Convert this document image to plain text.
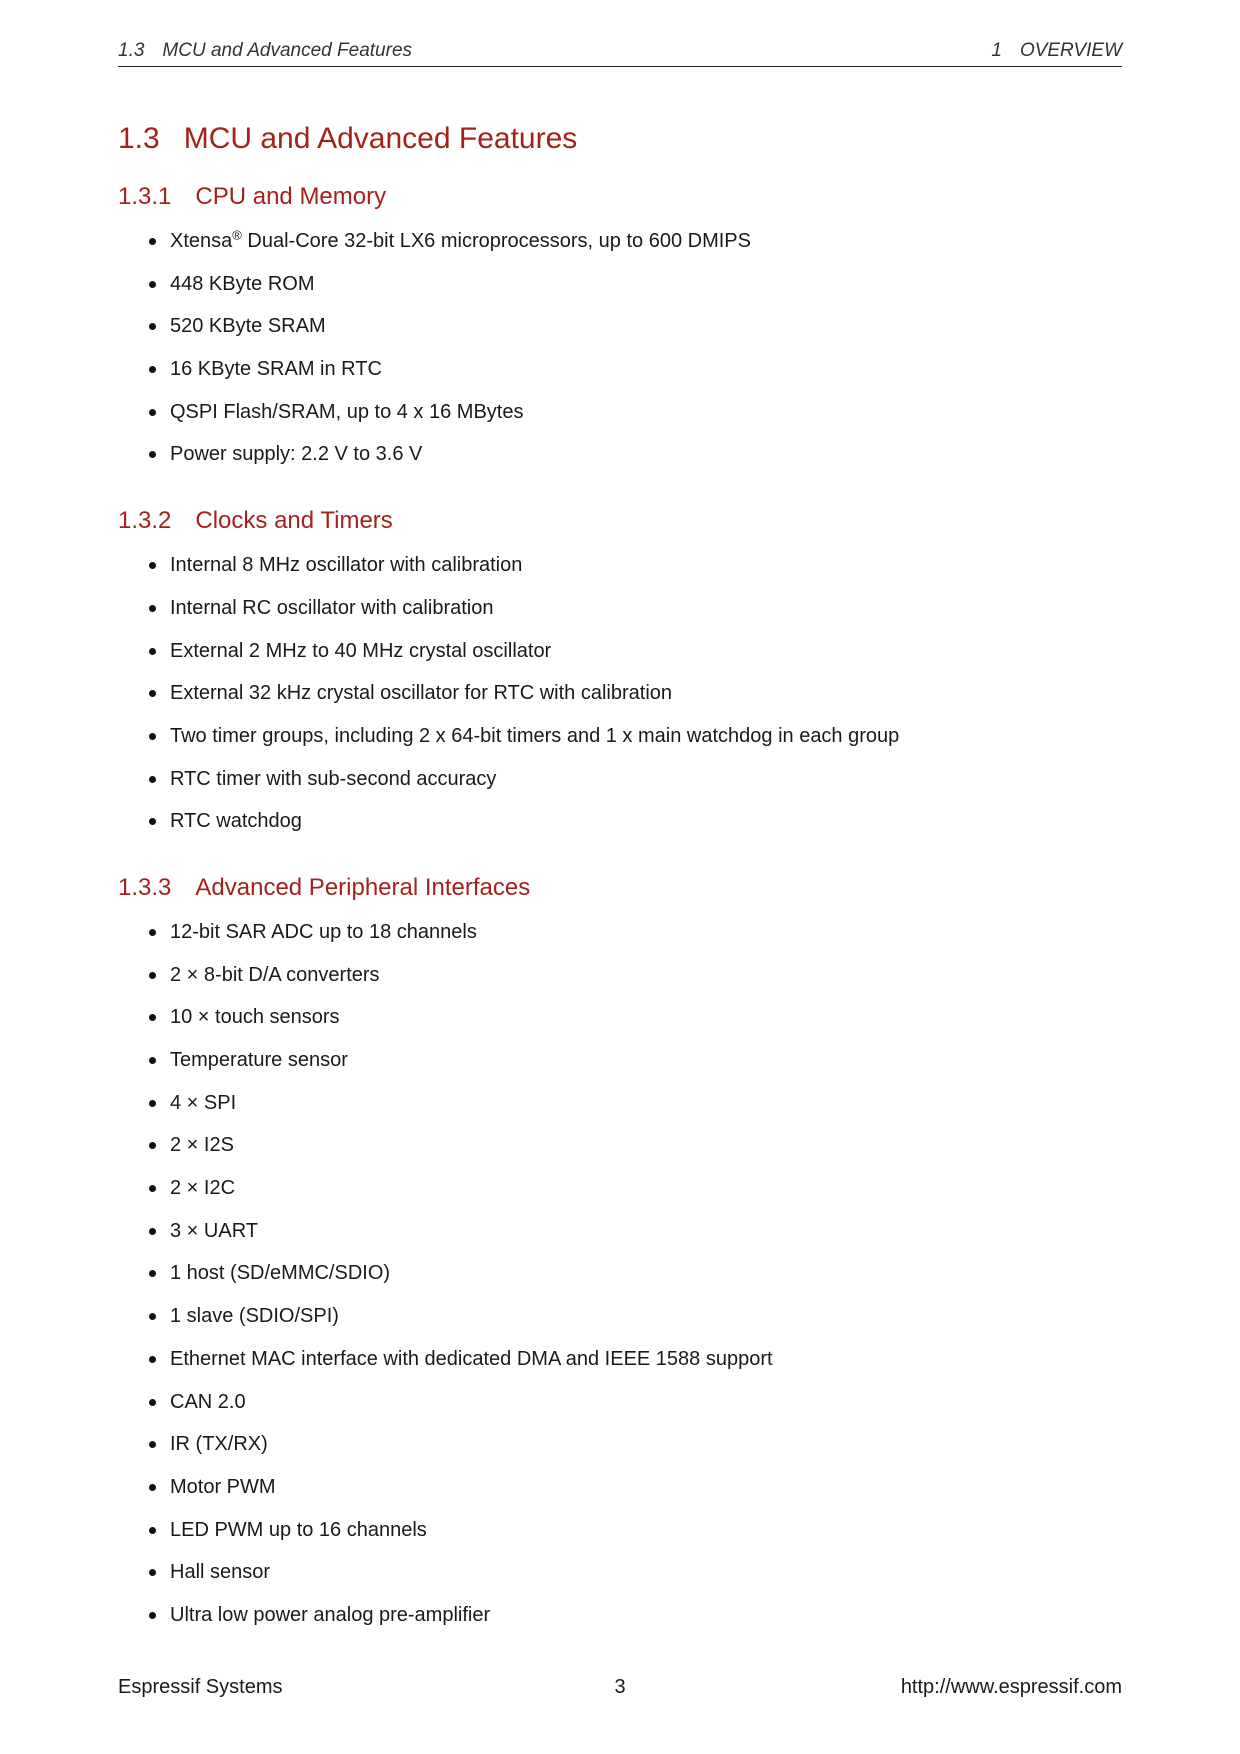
1.3 MCU and Advanced Features	1 OVERVIEW
1.3 MCU and Advanced Features
1.3.1 CPU and Memory
Xtensa® Dual-Core 32-bit LX6 microprocessors, up to 600 DMIPS
448 KByte ROM
520 KByte SRAM
16 KByte SRAM in RTC
QSPI Flash/SRAM, up to 4 x 16 MBytes
Power supply: 2.2 V to 3.6 V
1.3.2 Clocks and Timers
Internal 8 MHz oscillator with calibration
Internal RC oscillator with calibration
External 2 MHz to 40 MHz crystal oscillator
External 32 kHz crystal oscillator for RTC with calibration
Two timer groups, including 2 x 64-bit timers and 1 x main watchdog in each group
RTC timer with sub-second accuracy
RTC watchdog
1.3.3 Advanced Peripheral Interfaces
12-bit SAR ADC up to 18 channels
2 × 8-bit D/A converters
10 × touch sensors
Temperature sensor
4 × SPI
2 × I2S
2 × I2C
3 × UART
1 host (SD/eMMC/SDIO)
1 slave (SDIO/SPI)
Ethernet MAC interface with dedicated DMA and IEEE 1588 support
CAN 2.0
IR (TX/RX)
Motor PWM
LED PWM up to 16 channels
Hall sensor
Ultra low power analog pre-amplifier
Espressif Systems	3	http://www.espressif.com
